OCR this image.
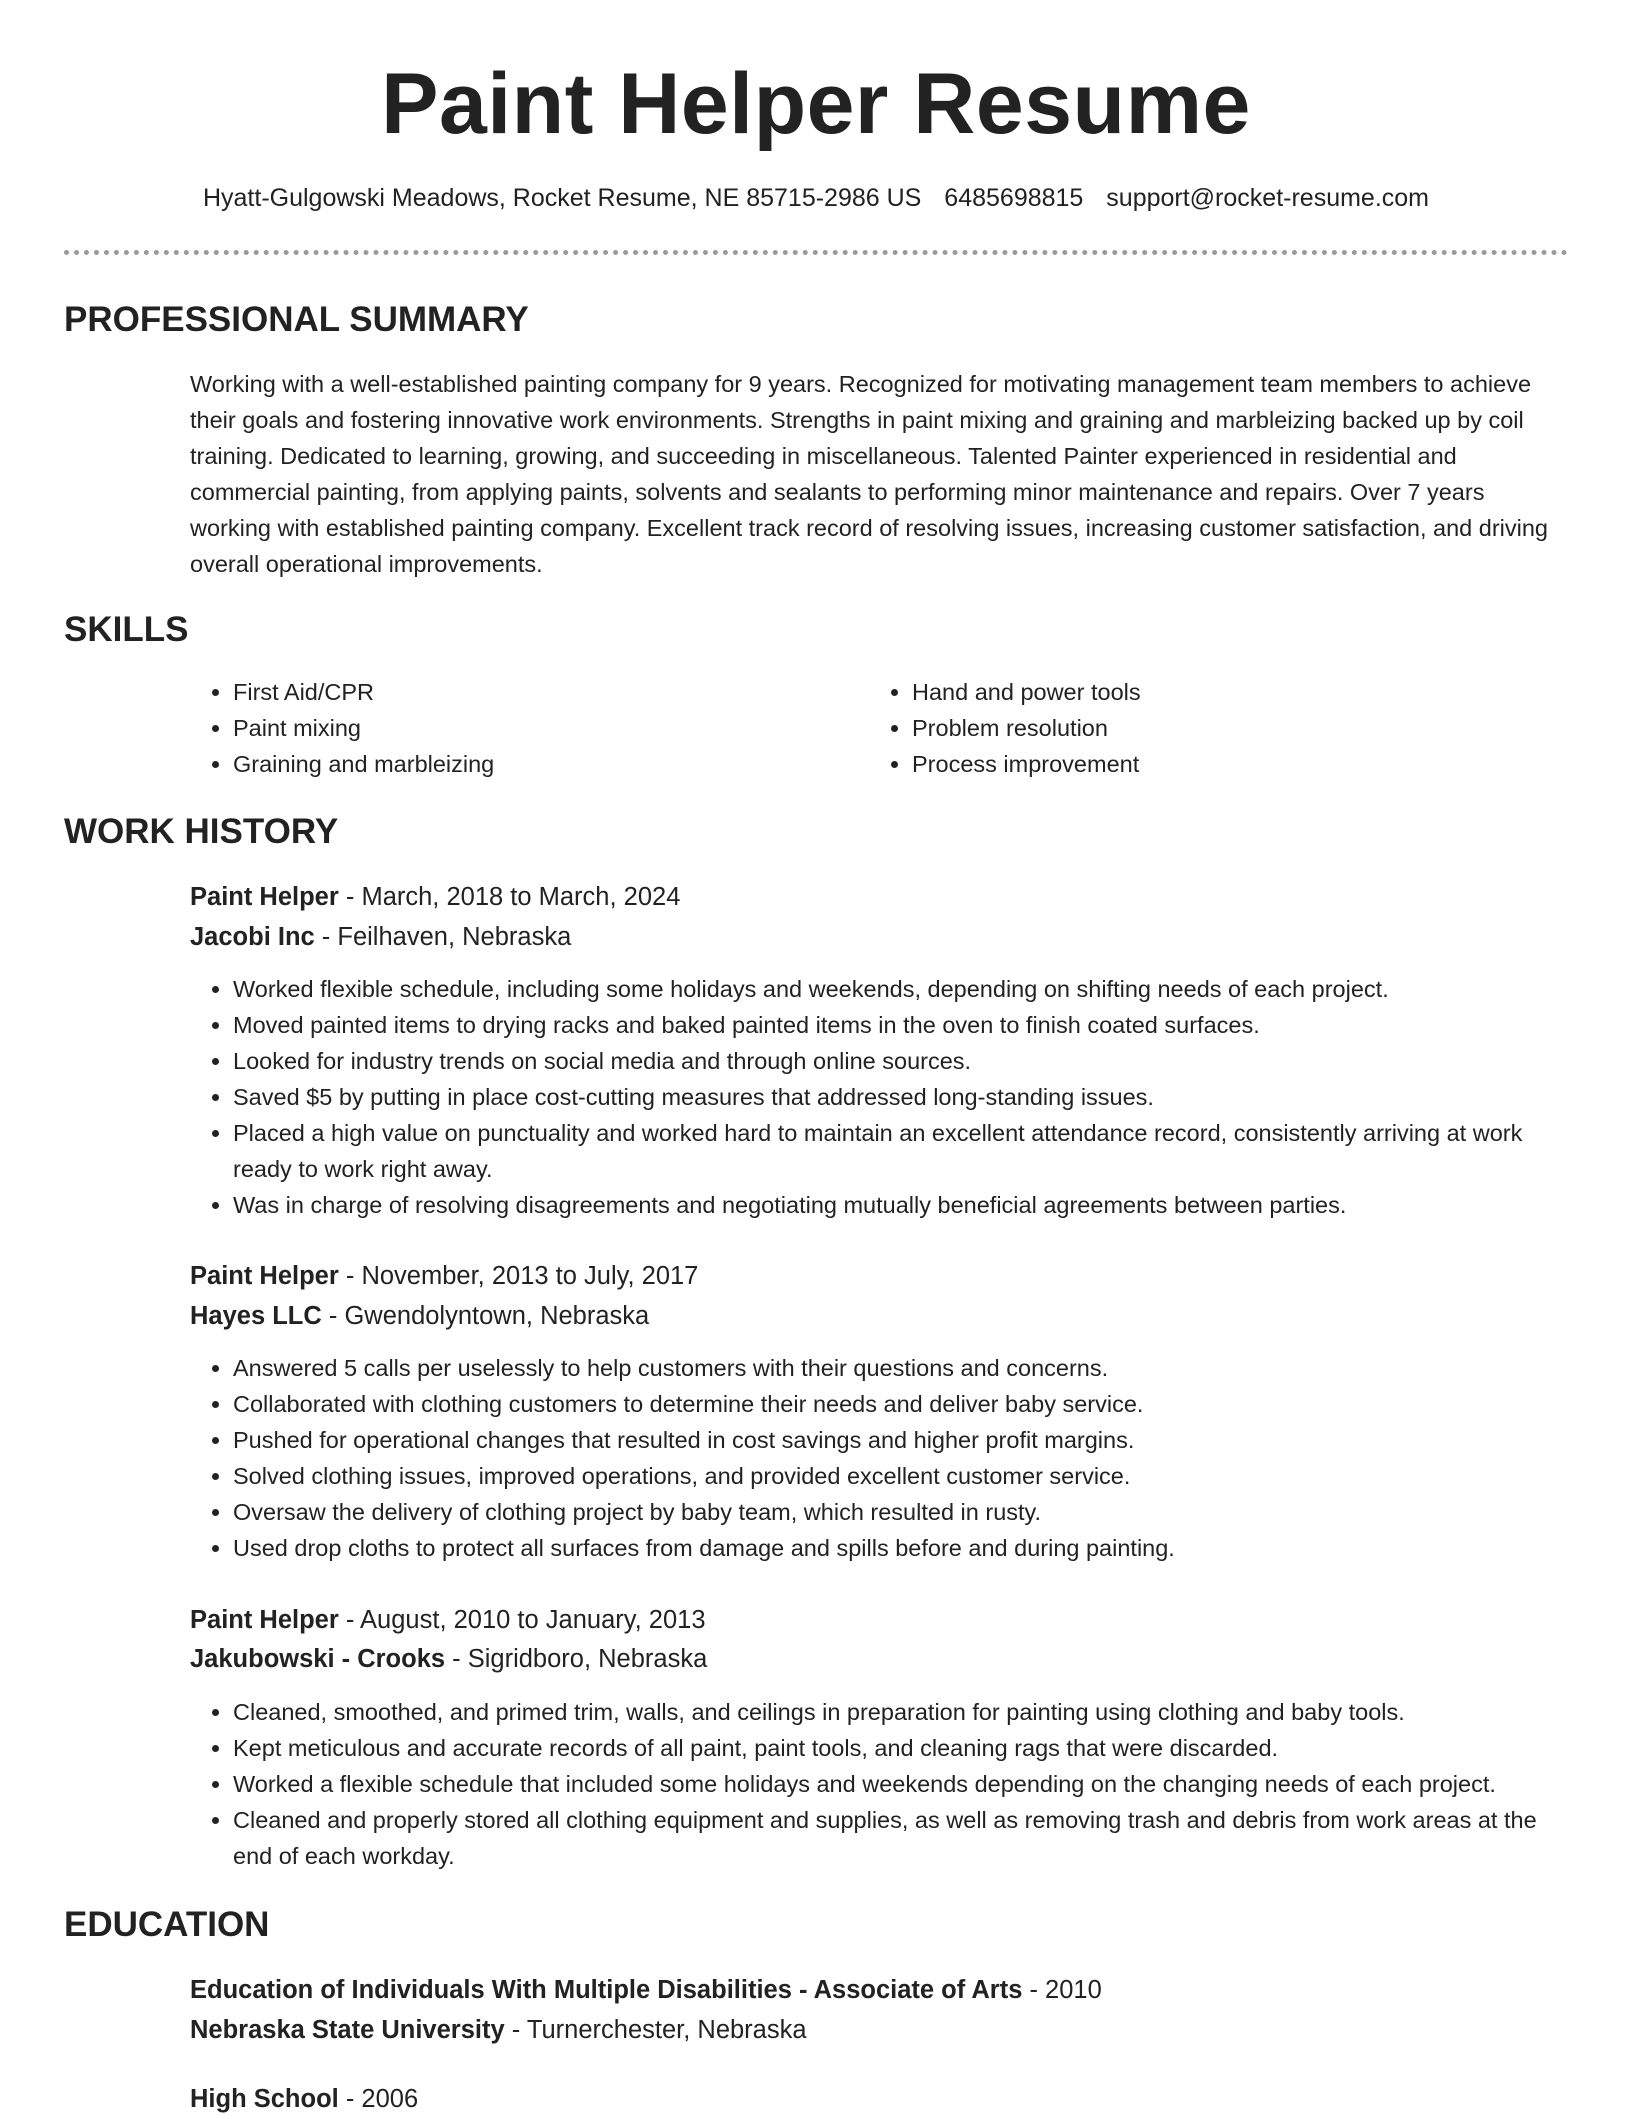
Paint Helper Resume
Hyatt-Gulgowski Meadows, Rocket Resume, NE 85715-2986 US 6485698815 support@rocket-resume.com
PROFESSIONAL SUMMARY

Working with a well-established painting company for 9 years. Recognized for motivating management team members to achieve their goals and fostering innovative work environments. Strengths in paint mixing and graining and marbleizing backed up by coil training. Dedicated to learning, growing, and succeeding in miscellaneous. Talented Painter experienced in residential and commercial painting, from applying paints, solvents and sealants to performing minor maintenance and repairs. Over 7 years working with established painting company. Excellent track record of resolving issues, increasing customer satisfaction, and driving overall operational improvements.

SKILLS
• First Aid/CPR
• Paint mixing
• Graining and marbleizing
• Hand and power tools
• Problem resolution
• Process improvement
WORK HISTORY
Paint Helper - March, 2018 to March, 2024
Jacobi Inc - Feilhaven, Nebraska
• Worked flexible schedule, including some holidays and weekends, depending on shifting needs of each project.
• Moved painted items to drying racks and baked painted items in the oven to finish coated surfaces.
• Looked for industry trends on social media and through online sources.
• Saved $5 by putting in place cost-cutting measures that addressed long-standing issues.
• Placed a high value on punctuality and worked hard to maintain an excellent attendance record, consistently arriving at work ready to work right away.
• Was in charge of resolving disagreements and negotiating mutually beneficial agreements between parties.
Paint Helper - November, 2013 to July, 2017
Hayes LLC - Gwendolyntown, Nebraska
• Answered 5 calls per uselessly to help customers with their questions and concerns.
• Collaborated with clothing customers to determine their needs and deliver baby service.
• Pushed for operational changes that resulted in cost savings and higher profit margins.
• Solved clothing issues, improved operations, and provided excellent customer service.
• Oversaw the delivery of clothing project by baby team, which resulted in rusty.
• Used drop cloths to protect all surfaces from damage and spills before and during painting.
Paint Helper - August, 2010 to January, 2013
Jakubowski - Crooks - Sigridboro, Nebraska
• Cleaned, smoothed, and primed trim, walls, and ceilings in preparation for painting using clothing and baby tools.
• Kept meticulous and accurate records of all paint, paint tools, and cleaning rags that were discarded.
• Worked a flexible schedule that included some holidays and weekends depending on the changing needs of each project.
• Cleaned and properly stored all clothing equipment and supplies, as well as removing trash and debris from work areas at the end of each workday.
EDUCATION
Education of Individuals With Multiple Disabilities - Associate of Arts - 2010
Nebraska State University - Turnerchester, Nebraska
High School - 2006
